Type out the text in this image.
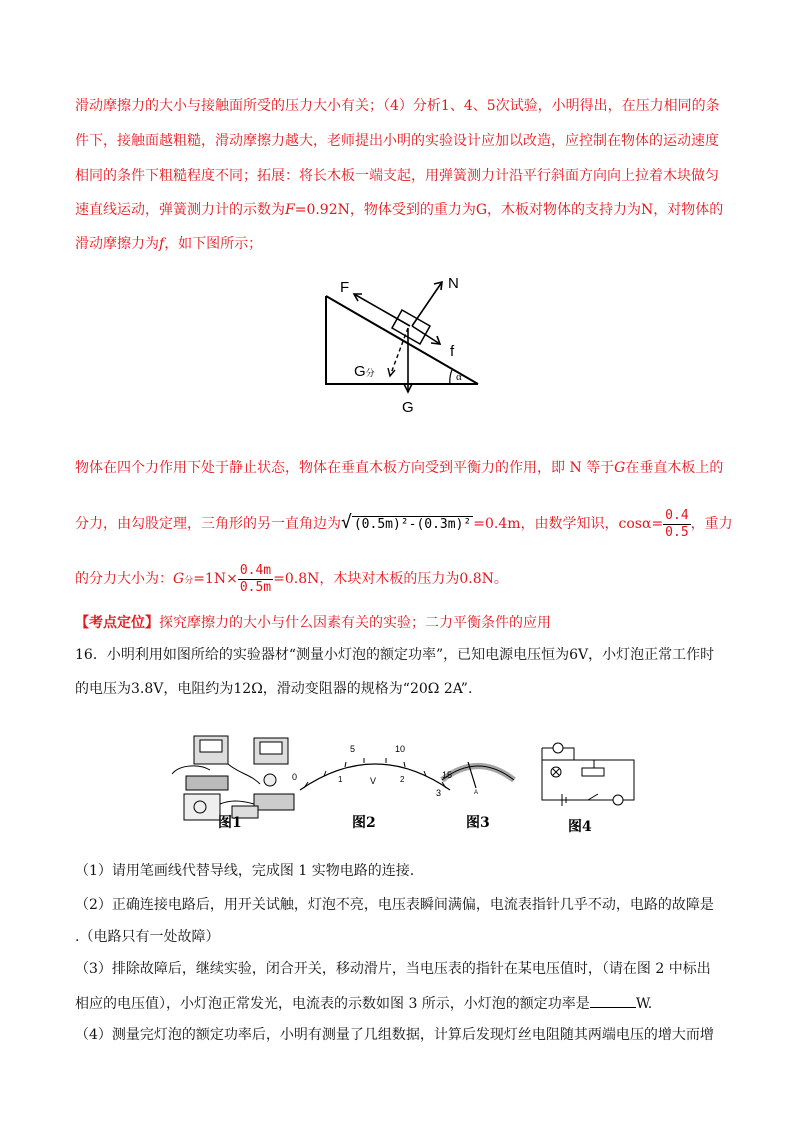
滑动摩擦力的大小与接触面所受的压力大小有关；（4）分析1、4、5次试验，小明得出，在压力相同的条
件下，接触面越粗糙，滑动摩擦力越大，老师提出小明的实验设计应加以改造，应控制在物体的运动速度
相同的条件下粗糙程度不同；拓展：将长木板一端支起，用弹簧测力计沿平行斜面方向向上拉着木块做匀
速直线运动，弹簧测力计的示数为F=0.92N，物体受到的重力为G，木板对物体的支持力为N，对物体的
滑动摩擦力为f，如下图所示；
F	N
f
G分
G
α
物体在四个力作用下处于静止状态，物体在垂直木板方向受到平衡力的作用，即 N 等于G在垂直木板上的
分力，由勾股定理，三角形的另一直角边为√ (0.5m)²-(0.3m)² =0.4m，由数学知识，$\cos\alpha= \frac{0.4}{0.5}$ ，重力
的分力大小为：G分$=1N\times \frac{0.4m}{0.5m} =0.8N$，木块对木板的压力为0.8N。
【考点定位】探究摩擦力的大小与什么因素有关的实验；二力平衡条件的应用
16．小明利用如图所给的实验器材“测量小灯泡的额定功率”，已知电源电压恒为6V，小灯泡正常工作时
的电压为3.8V，电阻约为12Ω，滑动变阻器的规格为“20Ω 2A”.
图1
5	10
15
0	1	2
3
V
图2
A
图3	图4
（1）请用笔画线代替导线，完成图 1 实物电路的连接.
（2）正确连接电路后，用开关试触，灯泡不亮，电压表瞬间满偏，电流表指针几乎不动，电路的故障是
.（电路只有一处故障）
（3）排除故障后，继续实验，闭合开关，移动滑片，当电压表的指针在某电压值时，（请在图 2 中标出
相应的电压值），小灯泡正常发光，电流表的示数如图 3 所示，小灯泡的额定功率是	W.
（4）测量完灯泡的额定功率后，小明有测量了几组数据，计算后发现灯丝电阻随其两端电压的增大而增
